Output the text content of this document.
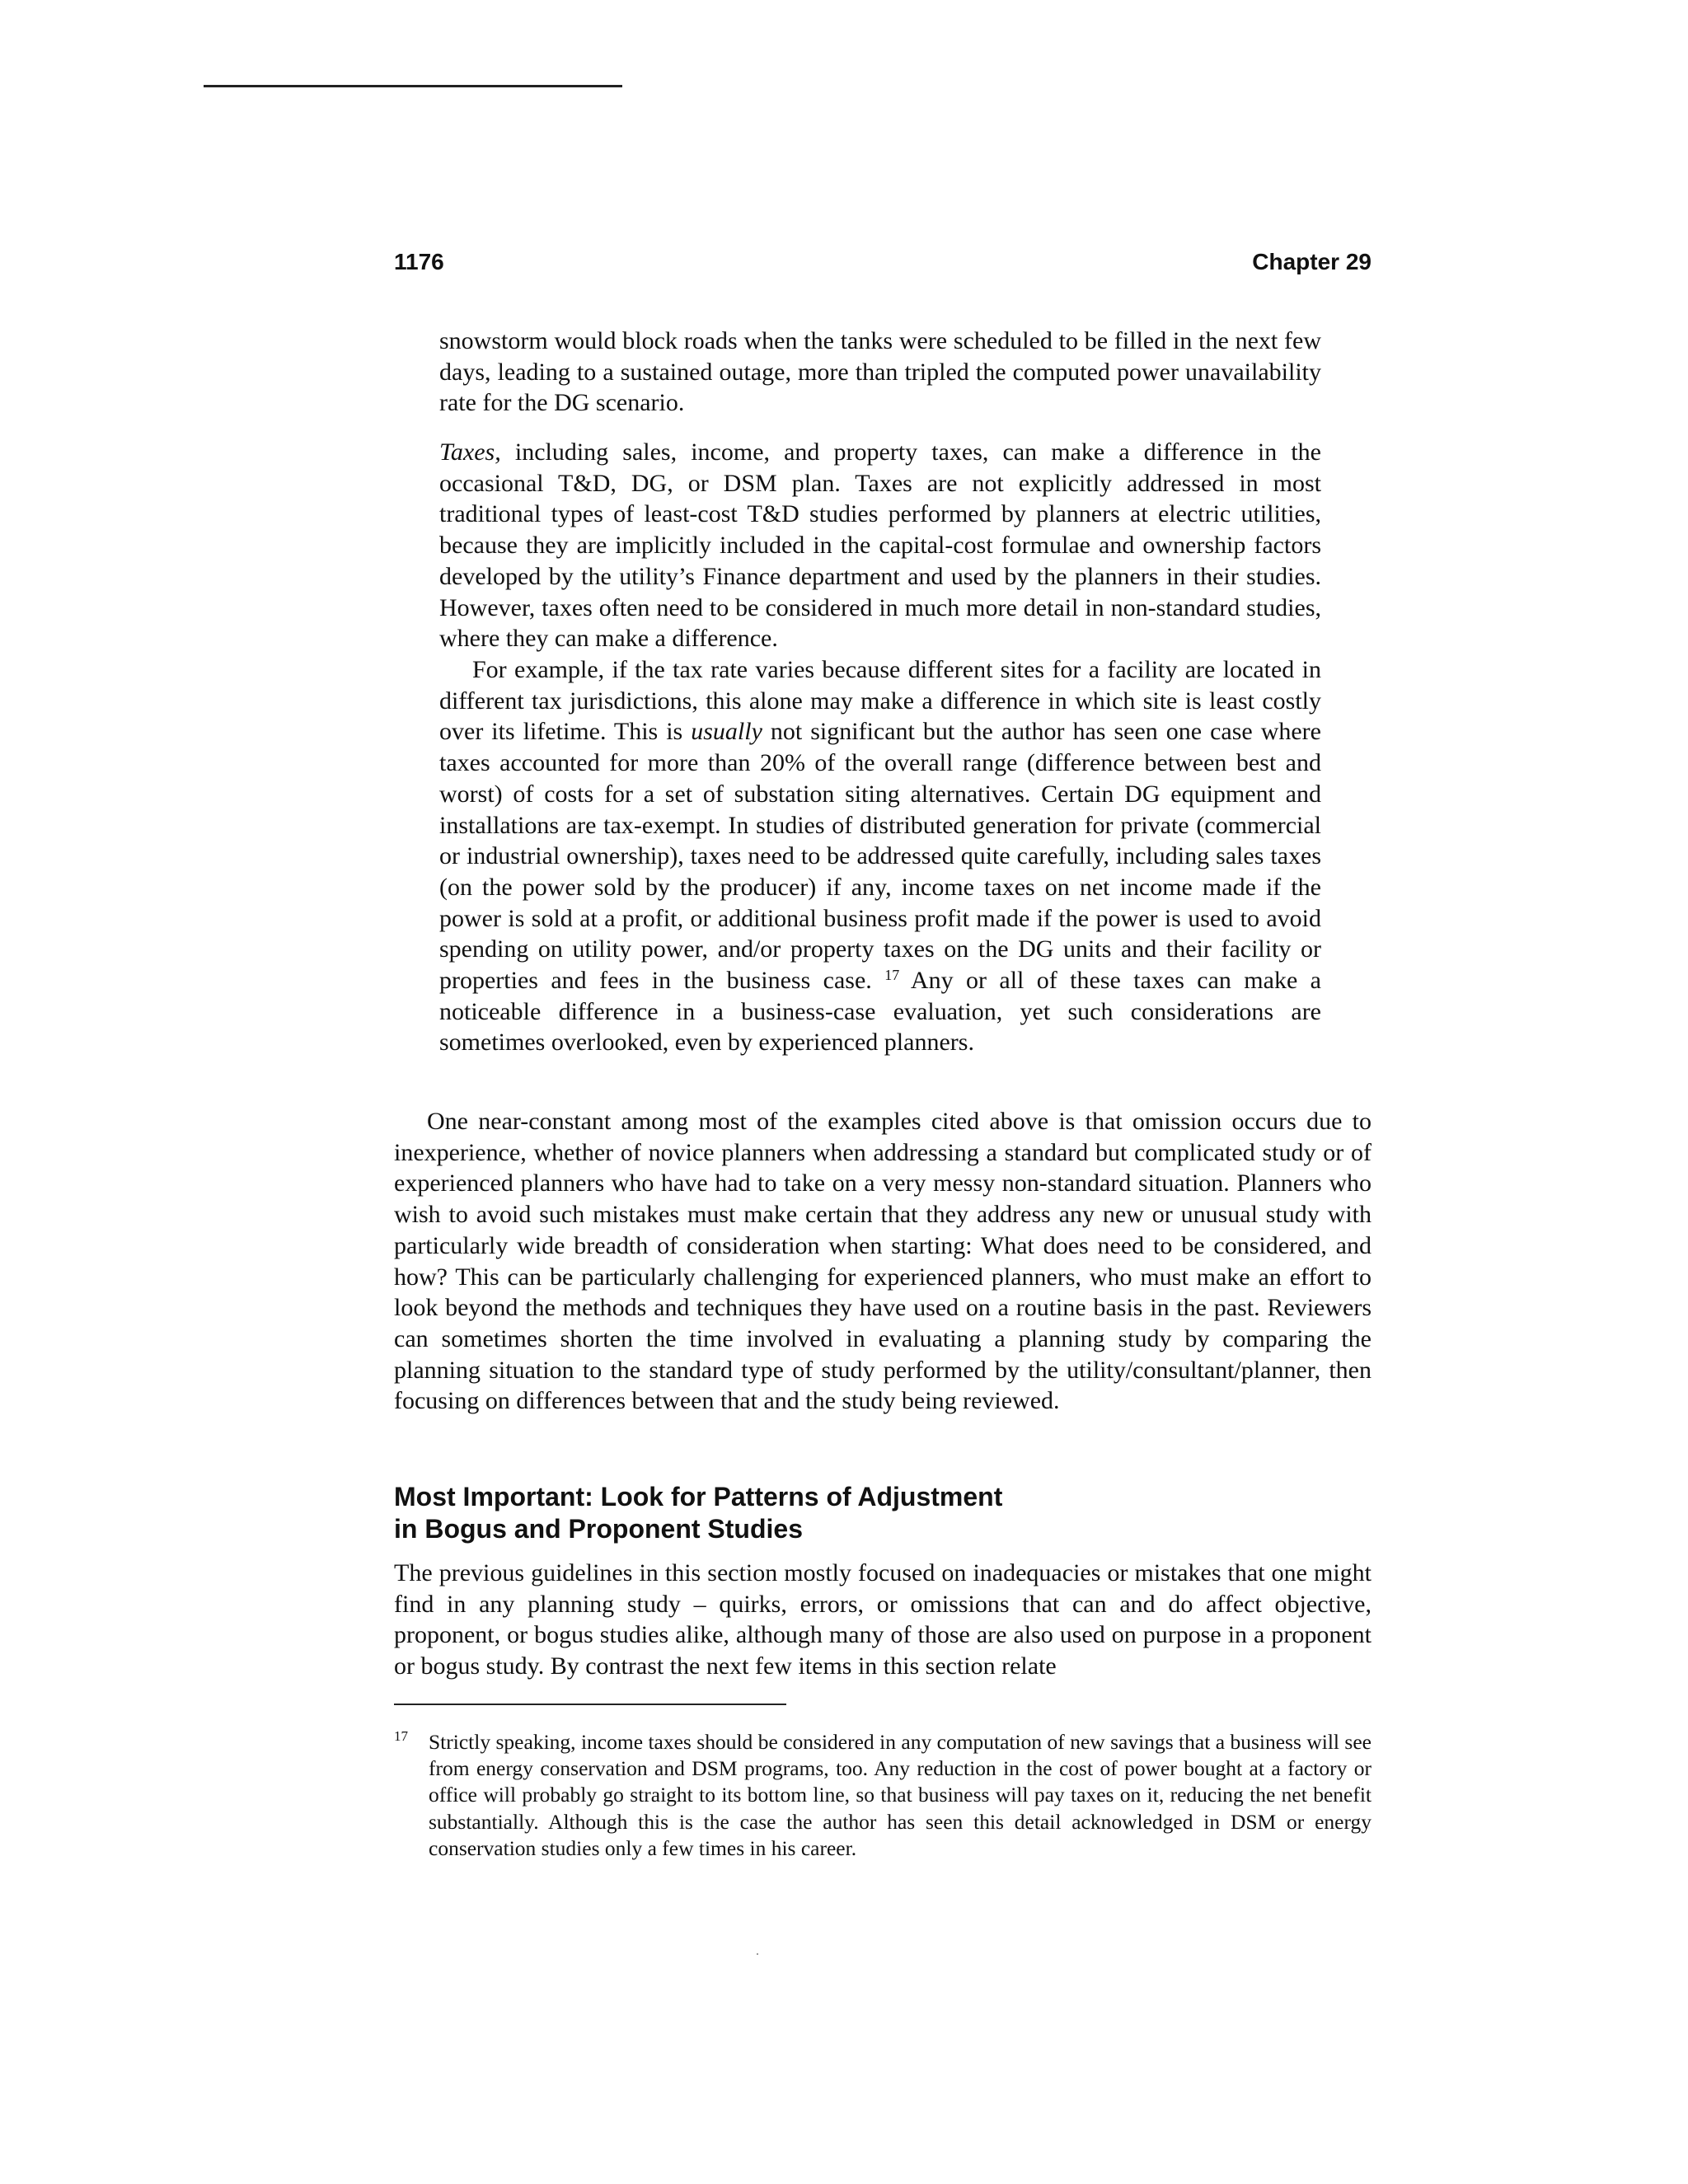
1176	Chapter 29

snowstorm would block roads when the tanks were scheduled to be filled in the next few days, leading to a sustained outage, more than tripled the computed power unavailability rate for the DG scenario.

Taxes, including sales, income, and property taxes, can make a difference in the occasional T&D, DG, or DSM plan. Taxes are not explicitly addressed in most traditional types of least-cost T&D studies performed by planners at electric utilities, because they are implicitly included in the capital-cost formulae and ownership factors developed by the utility’s Finance department and used by the planners in their studies. However, taxes often need to be considered in much more detail in non-standard studies, where they can make a difference.

For example, if the tax rate varies because different sites for a facility are located in different tax jurisdictions, this alone may make a difference in which site is least costly over its lifetime. This is usually not significant but the author has seen one case where taxes accounted for more than 20% of the overall range (difference between best and worst) of costs for a set of substation siting alternatives. Certain DG equipment and installations are tax-exempt. In studies of distributed generation for private (commercial or industrial ownership), taxes need to be addressed quite carefully, including sales taxes (on the power sold by the producer) if any, income taxes on net income made if the power is sold at a profit, or additional business profit made if the power is used to avoid spending on utility power, and/or property taxes on the DG units and their facility or properties and fees in the business case. $^{17}$ Any or all of these taxes can make a noticeable difference in a business-case evaluation, yet such considerations are sometimes overlooked, even by experienced planners.

One near-constant among most of the examples cited above is that omission occurs due to inexperience, whether of novice planners when addressing a standard but complicated study or of experienced planners who have had to take on a very messy non-standard situation. Planners who wish to avoid such mistakes must make certain that they address any new or unusual study with particularly wide breadth of consideration when starting: What does need to be considered, and how? This can be particularly challenging for experienced planners, who must make an effort to look beyond the methods and techniques they have used on a routine basis in the past. Reviewers can sometimes shorten the time involved in evaluating a planning study by comparing the planning situation to the standard type of study performed by the utility/consultant/planner, then focusing on differences between that and the study being reviewed.

Most Important: Look for Patterns of Adjustment
in Bogus and Proponent Studies

The previous guidelines in this section mostly focused on inadequacies or mistakes that one might find in any planning study – quirks, errors, or omissions that can and do affect objective, proponent, or bogus studies alike, although many of those are also used on purpose in a proponent or bogus study. By contrast the next few items in this section relate

17 Strictly speaking, income taxes should be considered in any computation of new savings that a business will see from energy conservation and DSM programs, too. Any reduction in the cost of power bought at a factory or office will probably go straight to its bottom line, so that business will pay taxes on it, reducing the net benefit substantially. Although this is the case the author has seen this detail acknowledged in DSM or energy conservation studies only a few times in his career.
